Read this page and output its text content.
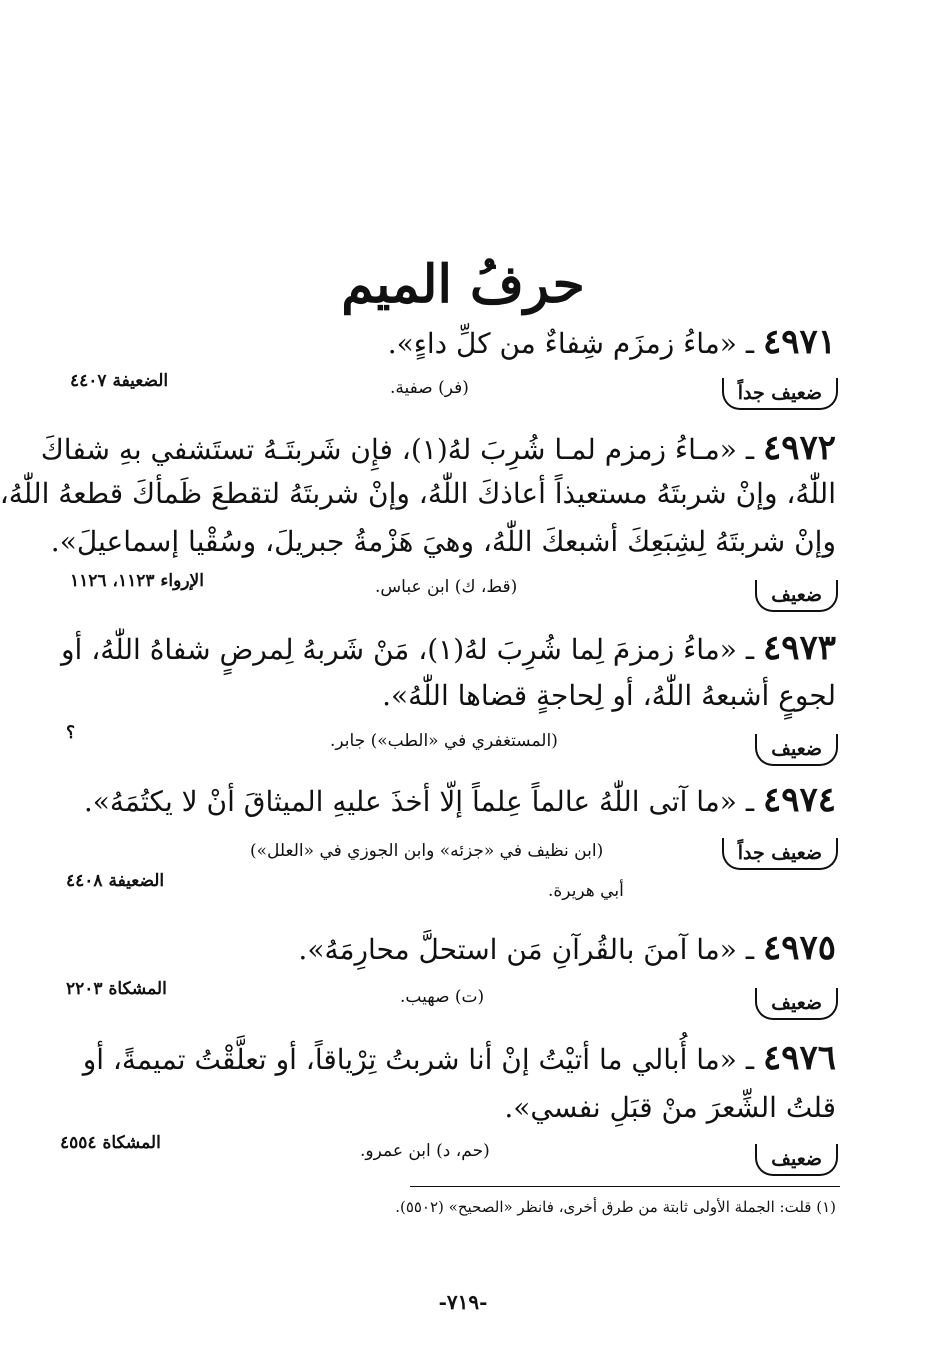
حرفُ الميم
٤٩٧١ ـ «ماءُ زمزَم شِفاءٌ من كلِّ داءٍ».
ضعيف جداً
(فر) صفية.
الضعيفة ٤٤٠٧
٤٩٧٢ ـ «مـاءُ زمزم لمـا شُرِبَ لهُ(١)، فإِن شَربتَـهُ تستَشفي بهِ شفاكَ
اللّٰهُ، وإنْ شربتَهُ مستعيذاً أعاذكَ اللّٰهُ، وإنْ شربتَهُ لتقطعَ ظَمأكَ قطعهُ اللّٰهُ،
وإنْ شربتَهُ لِشِبَعِكَ أشبعكَ اللّٰهُ، وهيَ هَزْمةُ جبريلَ، وسُقْيا إسماعيلَ».
ضعيف
(قط، ك) ابن عباس.
الإرواء ١١٢٣، ١١٢٦
٤٩٧٣ ـ «ماءُ زمزمَ لِما شُرِبَ لهُ(١)، مَنْ شَربهُ لِمرضٍ شفاهُ اللّٰهُ، أو
لجوعٍ أشبعهُ اللّٰهُ، أو لِحاجةٍ قضاها اللّٰهُ».
ضعيف
(المستغفري في «الطب») جابر.
؟
٤٩٧٤ ـ «ما آتى اللّٰهُ عالماً عِلماً إلّا أخذَ عليهِ الميثاقَ أنْ لا يكتُمَهُ».
ضعيف جداً
(ابن نظيف في «جزئه» وابن الجوزي في «العلل»)
أبي هريرة.
الضعيفة ٤٤٠٨
٤٩٧٥ ـ «ما آمنَ بالقُرآنِ مَن استحلَّ محارِمَهُ».
ضعيف
(ت) صهيب.
المشكاة ٢٢٠٣
٤٩٧٦ ـ «ما أُبالي ما أتيْتُ إنْ أنا شربتُ تِرْياقاً، أو تعلَّقْتُ تميمةً، أو
قلتُ الشِّعرَ منْ قبَلِ نفسي».
ضعيف
(حم، د) ابن عمرو.
المشكاة ٤٥٥٤
(١) قلت: الجملة الأولى ثابتة من طرق أخرى، فانظر «الصحيح» (٥٥٠٢).
-٧١٩-
